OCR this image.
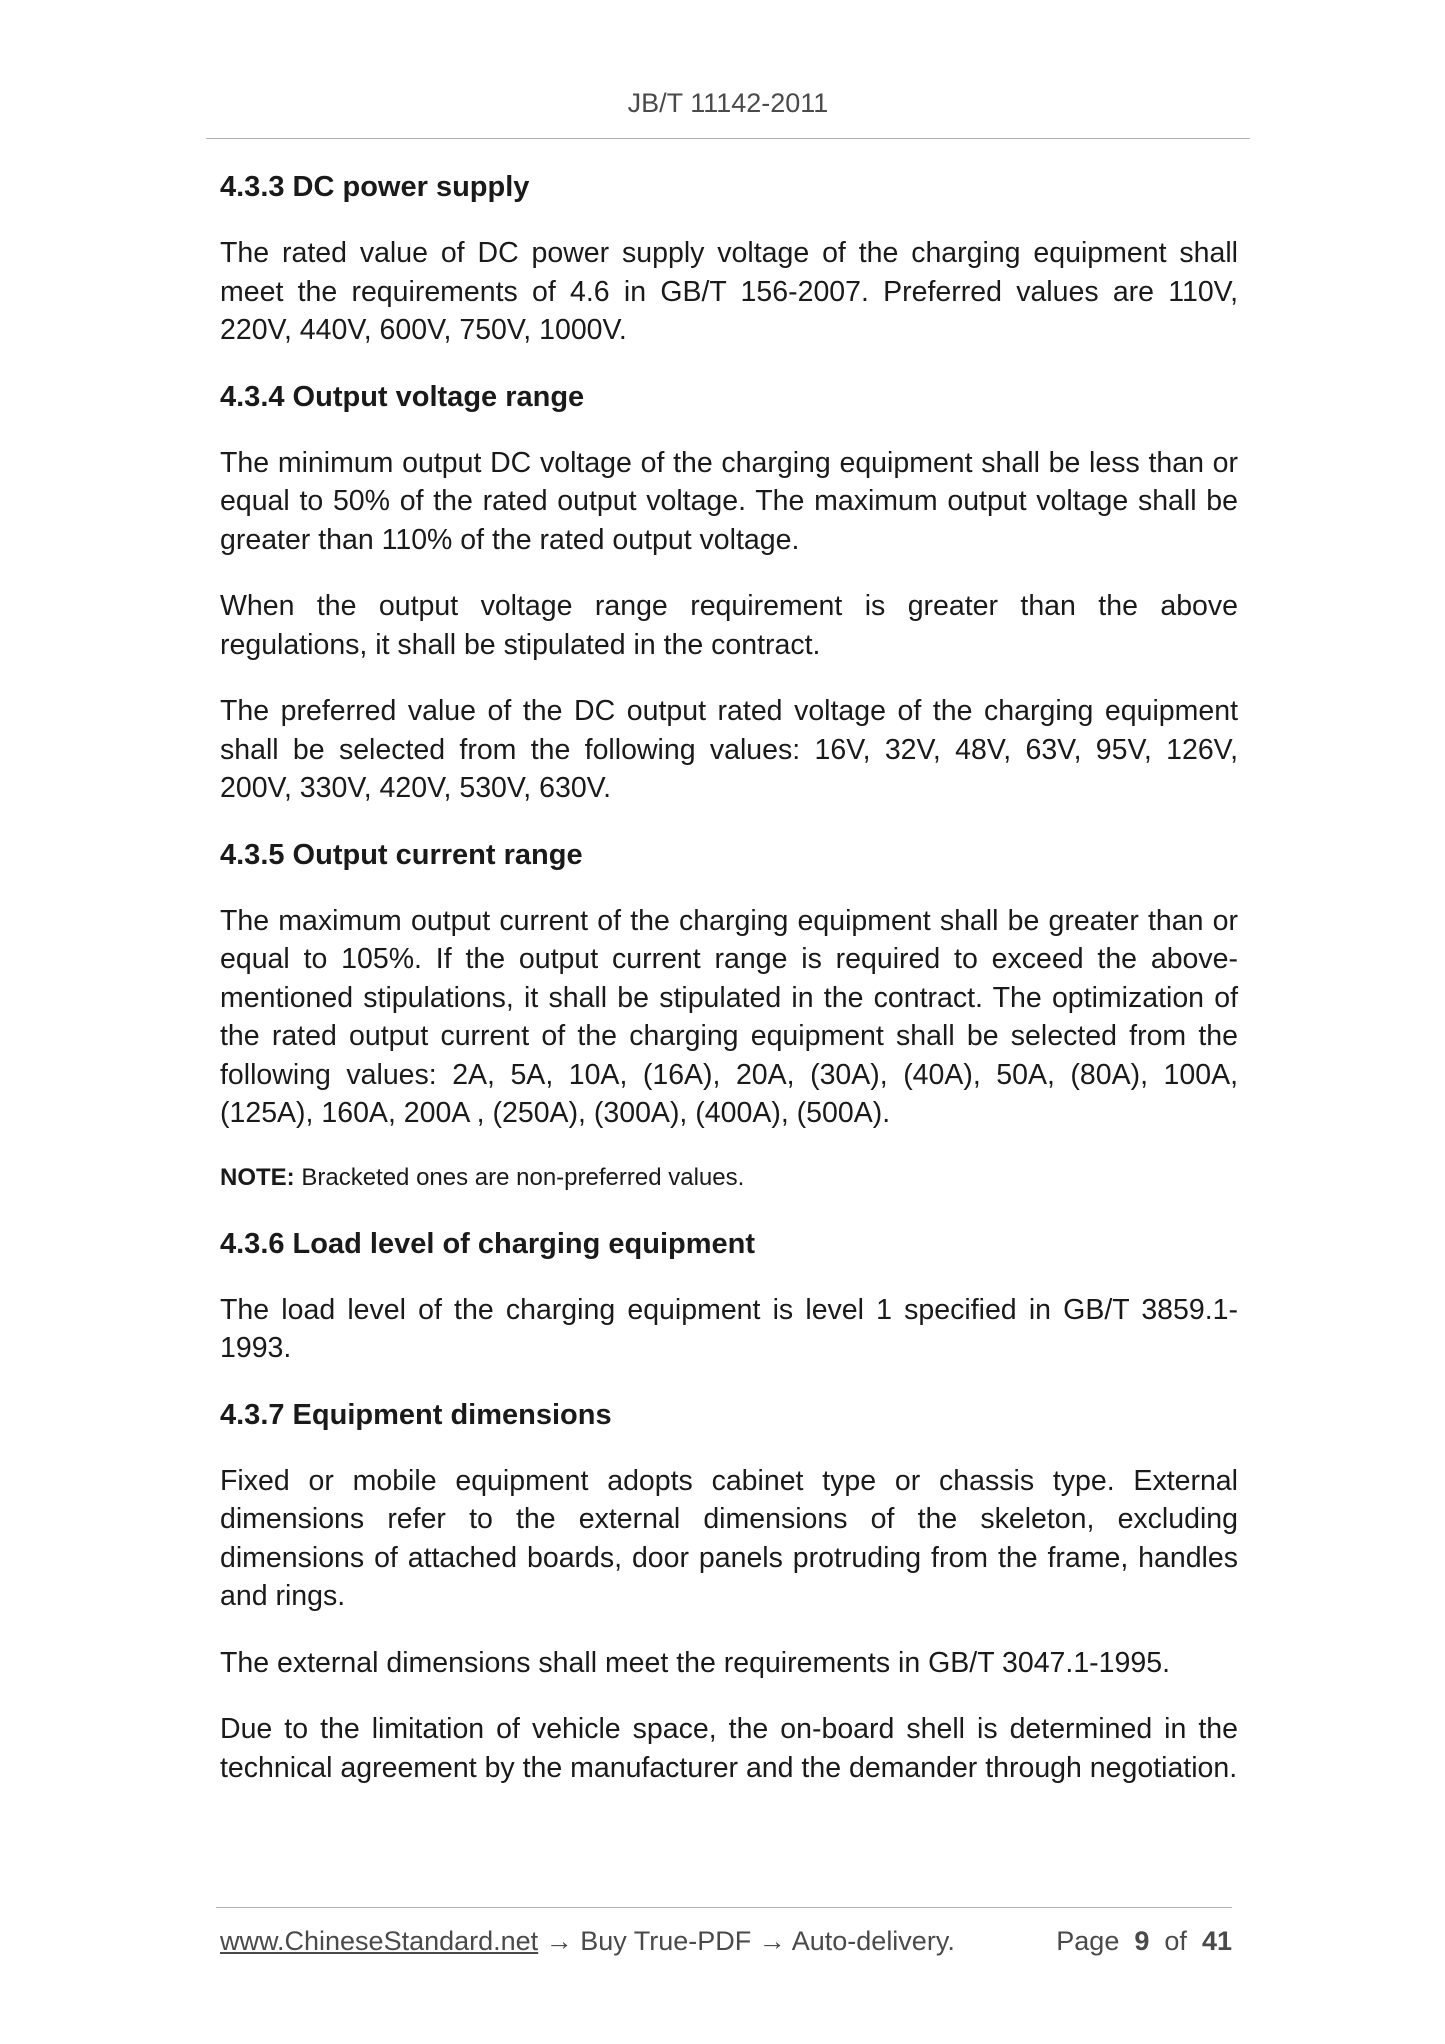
JB/T 11142-2011
4.3.3 DC power supply
The rated value of DC power supply voltage of the charging equipment shall meet the requirements of 4.6 in GB/T 156-2007. Preferred values are 110V, 220V, 440V, 600V, 750V, 1000V.
4.3.4 Output voltage range
The minimum output DC voltage of the charging equipment shall be less than or equal to 50% of the rated output voltage. The maximum output voltage shall be greater than 110% of the rated output voltage.
When the output voltage range requirement is greater than the above regulations, it shall be stipulated in the contract.
The preferred value of the DC output rated voltage of the charging equipment shall be selected from the following values: 16V, 32V, 48V, 63V, 95V, 126V, 200V, 330V, 420V, 530V, 630V.
4.3.5 Output current range
The maximum output current of the charging equipment shall be greater than or equal to 105%. If the output current range is required to exceed the above-mentioned stipulations, it shall be stipulated in the contract. The optimization of the rated output current of the charging equipment shall be selected from the following values: 2A, 5A, 10A, (16A), 20A, (30A), (40A), 50A, (80A), 100A, (125A), 160A, 200A , (250A), (300A), (400A), (500A).
NOTE: Bracketed ones are non-preferred values.
4.3.6 Load level of charging equipment
The load level of the charging equipment is level 1 specified in GB/T 3859.1-1993.
4.3.7 Equipment dimensions
Fixed or mobile equipment adopts cabinet type or chassis type. External dimensions refer to the external dimensions of the skeleton, excluding dimensions of attached boards, door panels protruding from the frame, handles and rings.
The external dimensions shall meet the requirements in GB/T 3047.1-1995.
Due to the limitation of vehicle space, the on-board shell is determined in the technical agreement by the manufacturer and the demander through negotiation.
www.ChineseStandard.net → Buy True-PDF → Auto-delivery.	Page 9 of 41
